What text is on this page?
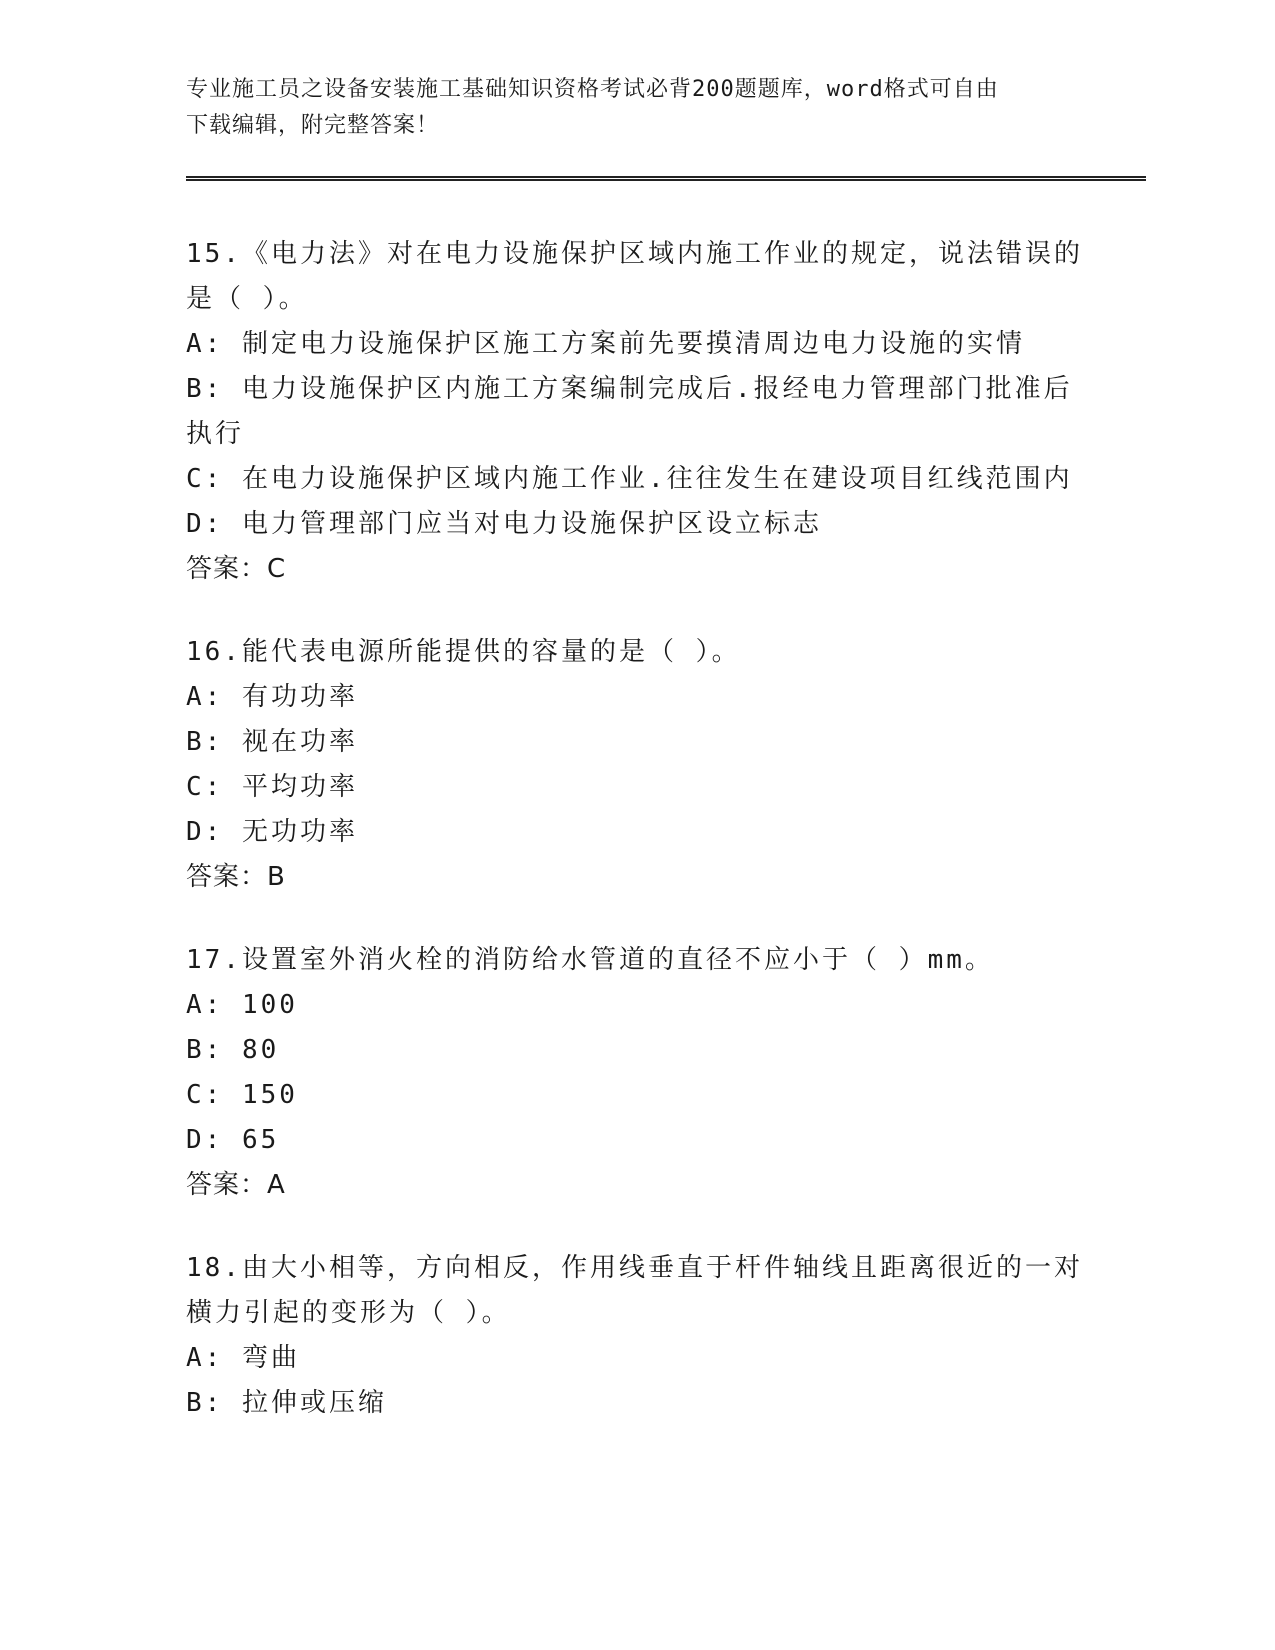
专业施工员之设备安装施工基础知识资格考试必背200题题库，word格式可自由
下载编辑，附完整答案！
15.《电力法》对在电力设施保护区域内施工作业的规定，说法错误的
是（ ）。
A: 制定电力设施保护区施工方案前先要摸清周边电力设施的实情
B: 电力设施保护区内施工方案编制完成后.报经电力管理部门批准后
执行
C: 在电力设施保护区域内施工作业.往往发生在建设项目红线范围内
D: 电力管理部门应当对电力设施保护区设立标志
答案：C
16.能代表电源所能提供的容量的是（ ）。
A: 有功功率
B: 视在功率
C: 平均功率
D: 无功功率
答案：B
17.设置室外消火栓的消防给水管道的直径不应小于（ ）mm。
A: 100
B: 80
C: 150
D: 65
答案：A
18.由大小相等，方向相反，作用线垂直于杆件轴线且距离很近的一对
横力引起的变形为（ ）。
A: 弯曲
B: 拉伸或压缩
